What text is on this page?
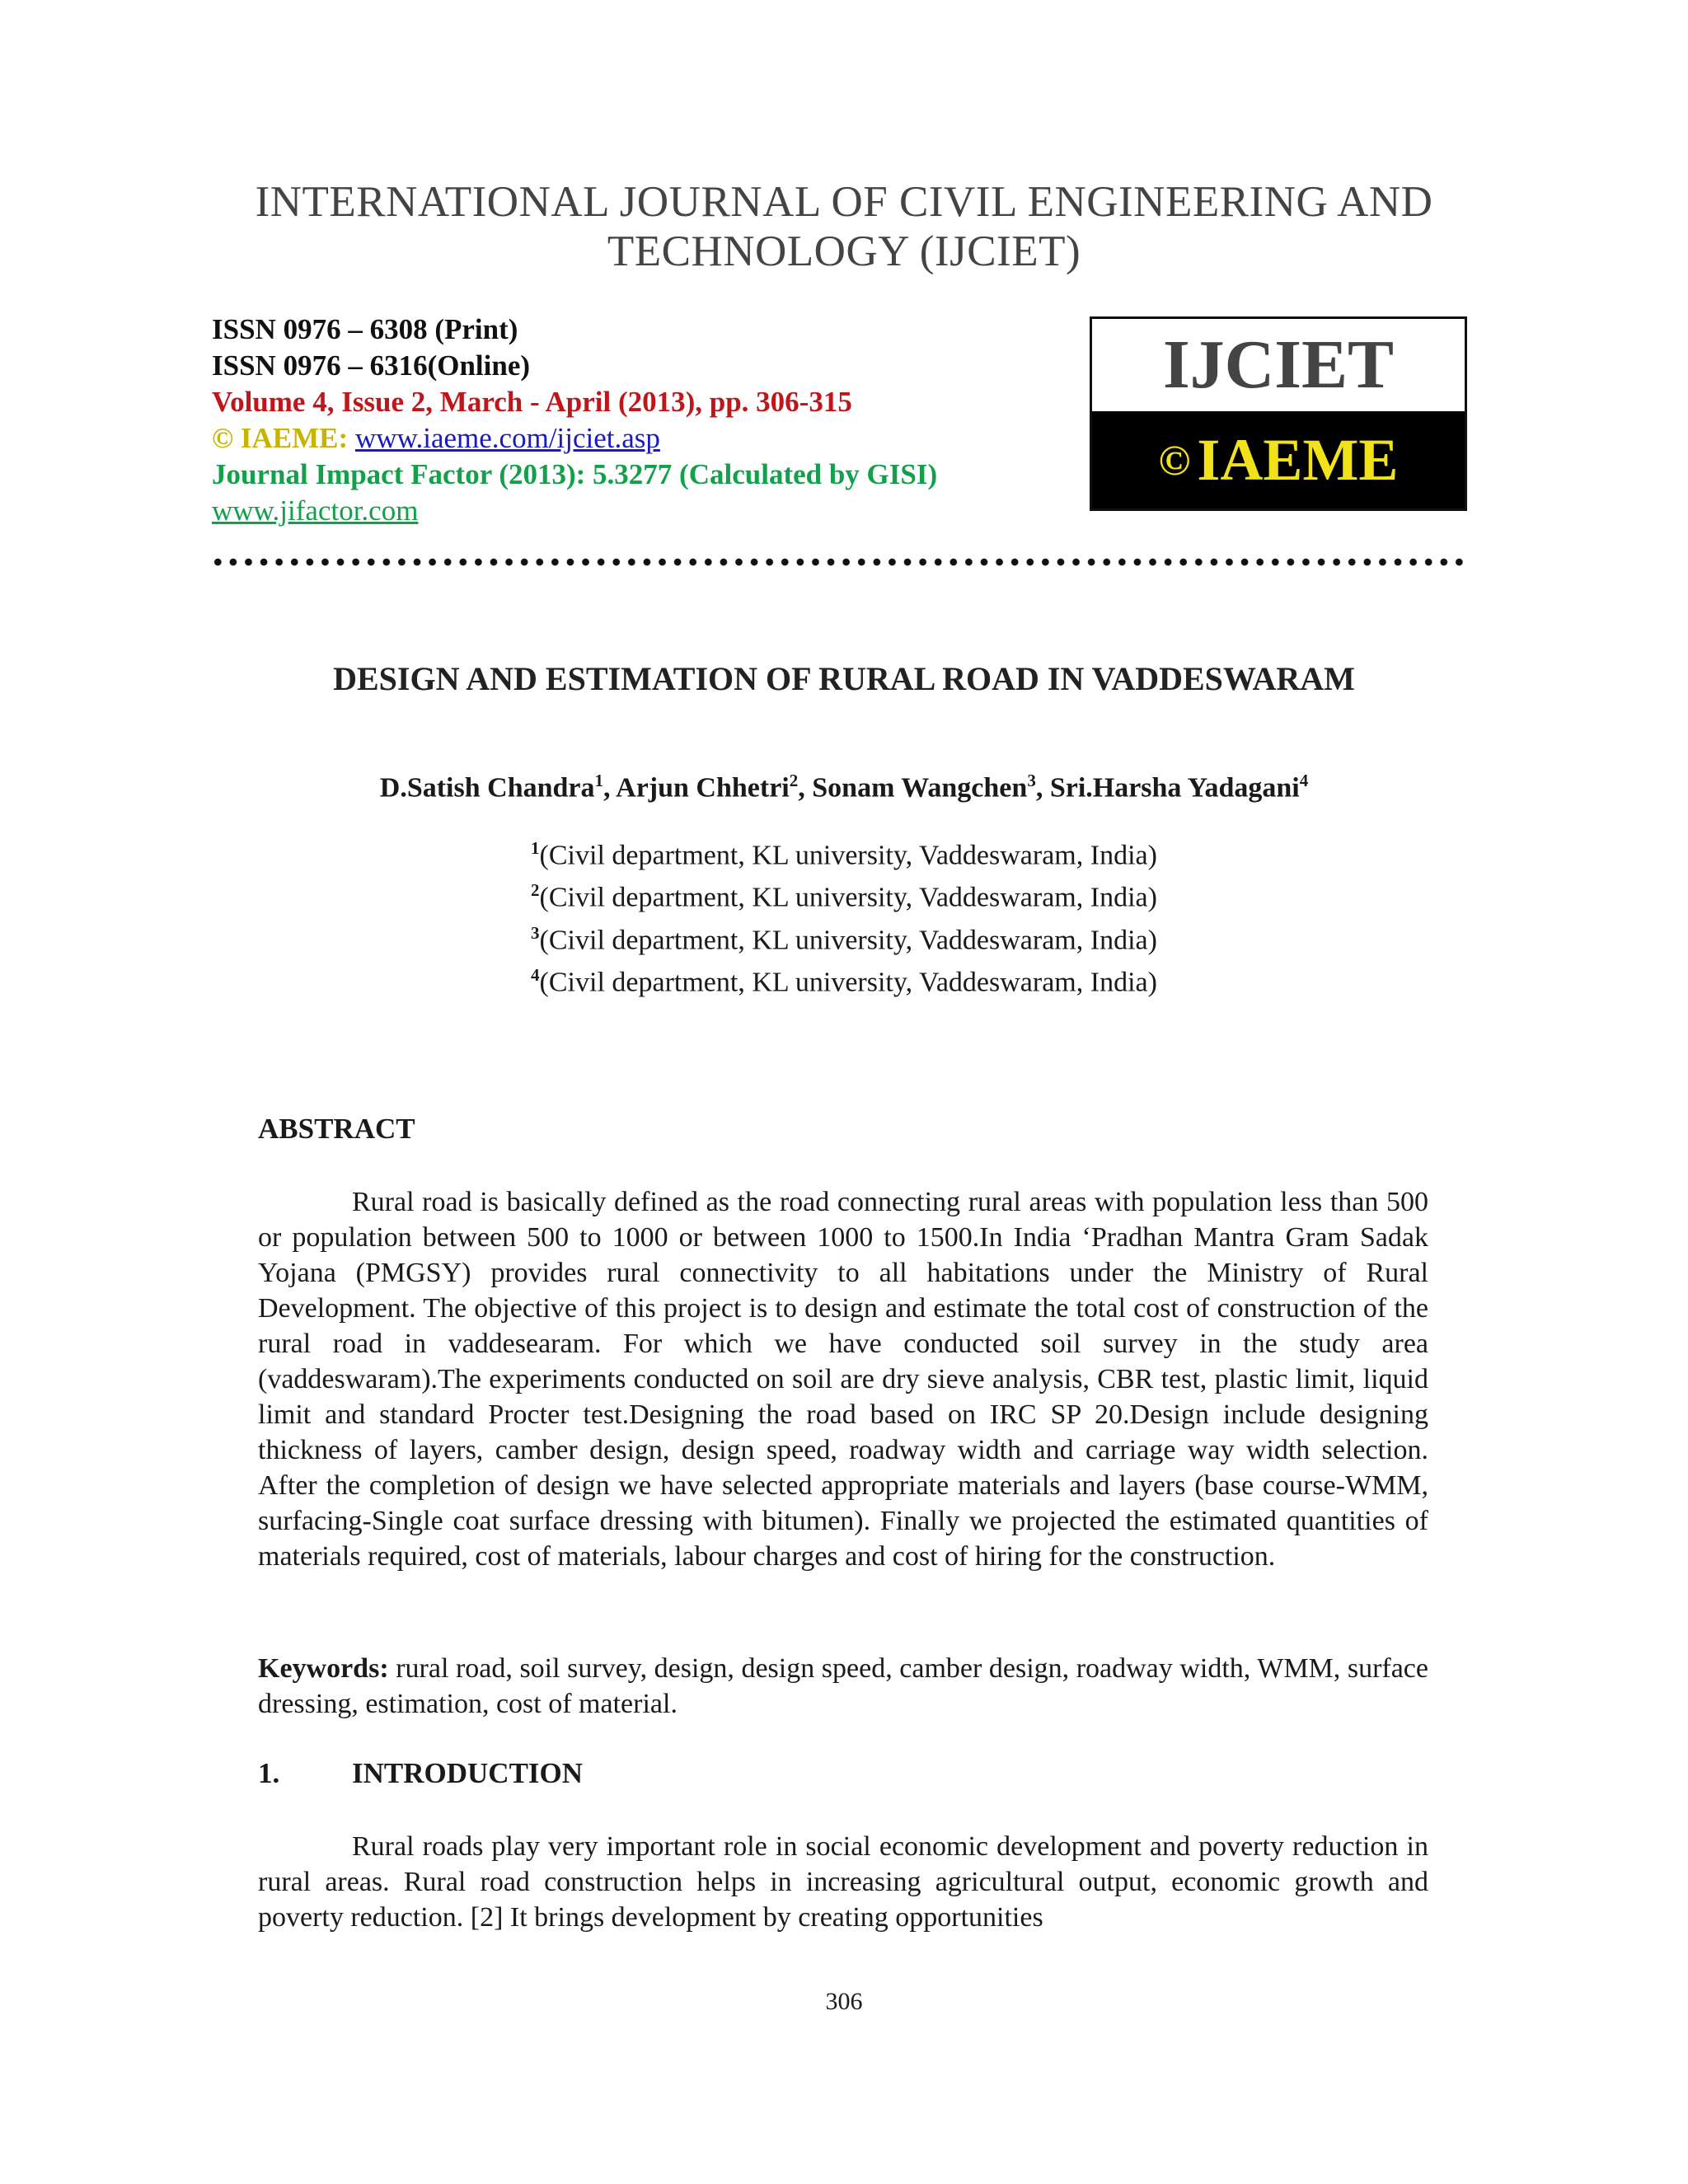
INTERNATIONAL JOURNAL OF CIVIL ENGINEERING AND
TECHNOLOGY (IJCIET)
ISSN 0976 – 6308 (Print)
ISSN 0976 – 6316(Online)
Volume 4, Issue 2, March - April (2013), pp. 306-315
© IAEME: www.iaeme.com/ijciet.asp
Journal Impact Factor (2013): 5.3277 (Calculated by GISI)
www.jifactor.com
IJCIET
© IAEME
DESIGN AND ESTIMATION OF RURAL ROAD IN VADDESWARAM
D.Satish Chandra$^1$, Arjun Chhetri$^2$, Sonam Wangchen$^3$, Sri.Harsha Yadagani$^4$
$^1$(Civil department, KL university, Vaddeswaram, India)
$^2$(Civil department, KL university, Vaddeswaram, India)
$^3$(Civil department, KL university, Vaddeswaram, India)
$^4$(Civil department, KL university, Vaddeswaram, India)
ABSTRACT
Rural road is basically defined as the road connecting rural areas with population less than 500 or population between 500 to 1000 or between 1000 to 1500.In India ‘Pradhan Mantra Gram Sadak Yojana (PMGSY) provides rural connectivity to all habitations under the Ministry of Rural Development. The objective of this project is to design and estimate the total cost of construction of the rural road in vaddesearam. For which we have conducted soil survey in the study area (vaddeswaram).The experiments conducted on soil are dry sieve analysis, CBR test, plastic limit, liquid limit and standard Procter test.Designing the road based on IRC SP 20.Design include designing thickness of layers, camber design, design speed, roadway width and carriage way width selection. After the completion of design we have selected appropriate materials and layers (base course-WMM, surfacing-Single coat surface dressing with bitumen). Finally we projected the estimated quantities of materials required, cost of materials, labour charges and cost of hiring for the construction.
Keywords: rural road, soil survey, design, design speed, camber design, roadway width, WMM, surface dressing, estimation, cost of material.
1.	INTRODUCTION
Rural roads play very important role in social economic development and poverty reduction in rural areas. Rural road construction helps in increasing agricultural output, economic growth and poverty reduction. [2] It brings development by creating opportunities
306
